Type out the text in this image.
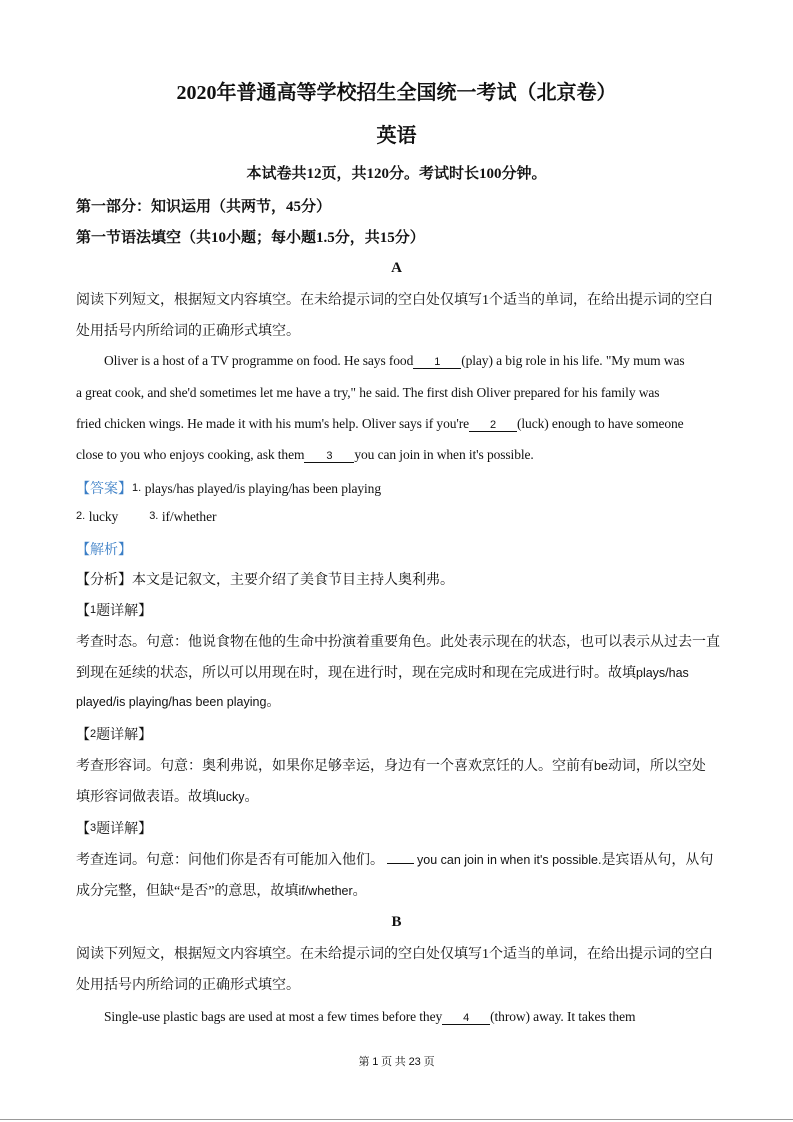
2020年普通高等学校招生全国统一考试（北京卷）
英语
本试卷共12页，共120分。考试时长100分钟。
第一部分：知识运用（共两节，45分）
第一节语法填空（共10小题；每小题1.5分，共15分）
A
阅读下列短文，根据短文内容填空。在未给提示词的空白处仅填写1个适当的单词，在给出提示词的空白
处用括号内所给词的正确形式填空。
Oliver is a host of a TV programme on food. He says food 1 (play) a big role in his life. "My mum was
a great cook, and she'd sometimes let me have a try," he said. The first dish Oliver prepared for his family was
fried chicken wings. He made it with his mum's help. Oliver says if you're 2 (luck) enough to have someone
close to you who enjoys cooking, ask them 3 you can join in when it's possible.
【答案】1. plays/has played/is playing/has been playing
2. lucky	3. if/whether
【解析】
【分析】本文是记叙文，主要介绍了美食节目主持人奥利弗。
【1题详解】
考查时态。句意：他说食物在他的生命中扮演着重要角色。此处表示现在的状态，也可以表示从过去一直
到现在延续的状态，所以可以用现在时，现在进行时，现在完成时和现在完成进行时。故填plays/has
played/is playing/has been playing。
【2题详解】
考查形容词。句意：奥利弗说，如果你足够幸运，身边有一个喜欢烹饪的人。空前有be动词，所以空处
填形容词做表语。故填lucky。
【3题详解】
考查连词。句意：问他们你是否有可能加入他们。	you can join in when it's possible.是宾语从句，从句
成分完整，但缺“是否”的意思，故填if/whether。
B
阅读下列短文，根据短文内容填空。在未给提示词的空白处仅填写1个适当的单词，在给出提示词的空白
处用括号内所给词的正确形式填空。
Single-use plastic bags are used at most a few times before they 4 (throw) away. It takes them
第 1 页 共 23 页
